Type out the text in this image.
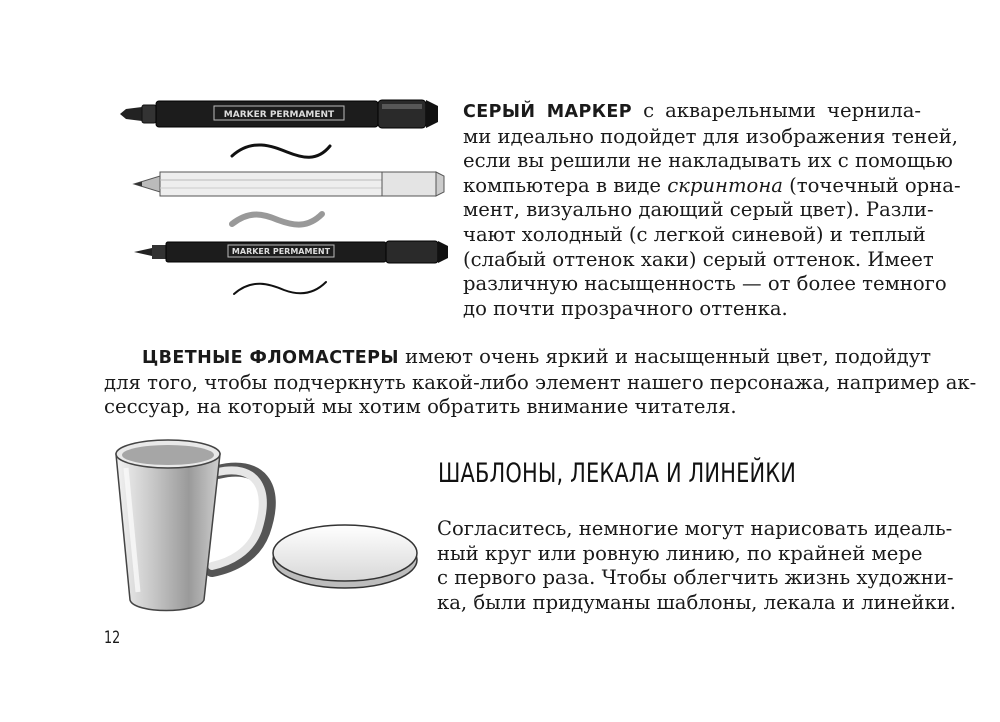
MARKER PERMAMENT
MARKER PERMAMENT
СЕРЫЙ МАРКЕР с акварельными чернила-
ми идеально подойдет для изображения теней,
если вы решили не накладывать их с помощью
компьютера в виде скринтона (точечный орна-
мент, визуально дающий серый цвет). Разли-
чают холодный (с легкой синевой) и теплый
(слабый оттенок хаки) серый оттенок. Имеет
различную насыщенность — от более темного
до почти прозрачного оттенка.
ЦВЕТНЫЕ ФЛОМАСТЕРЫ имеют очень яркий и насыщенный цвет, подойдут
для того, чтобы подчеркнуть какой-либо элемент нашего персонажа, например ак-
сессуар, на который мы хотим обратить внимание читателя.
ШАБЛОНЫ, ЛЕКАЛА И ЛИНЕЙКИ
Согласитесь, немногие могут нарисовать идеаль-
ный круг или ровную линию, по крайней мере
с первого раза. Чтобы облегчить жизнь художни-
ка, были придуманы шаблоны, лекала и линейки.
12
